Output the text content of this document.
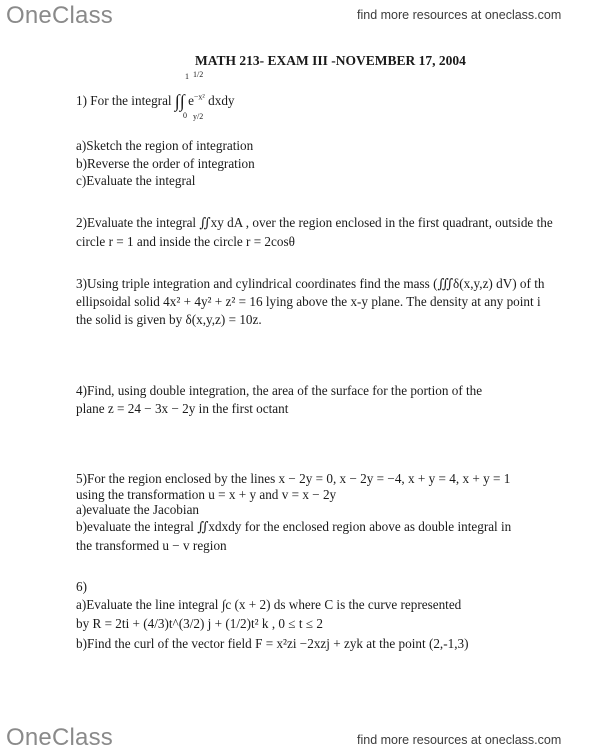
OneClass	find more resources at oneclass.com
MATH 213- EXAM III -NOVEMBER 17, 2004
1) For the integral ∫∫ $e^{-x^2}$ dxdy
1
0
1/2
y/2
a)Sketch the region of integration
b)Reverse the order of integration
c)Evaluate the integral
2)Evaluate the integral ∬xy dA , over the region enclosed in the first quadrant, outside the
circle r = 1 and inside the circle r = 2cosθ
3)Using triple integration and cylindrical coordinates find the mass (∭δ(x,y,z) dV) of th
ellipsoidal solid 4x² + 4y² + z² = 16 lying above the x-y plane. The density at any point i
the solid is given by δ(x,y,z) = 10z.
4)Find, using double integration, the area of the surface for the portion of the
plane z = 24 − 3x − 2y in the first octant
5)For the region enclosed by the lines x − 2y = 0, x − 2y = −4, x + y = 4, x + y = 1
using the transformation u = x + y and v = x − 2y
a)evaluate the Jacobian
b)evaluate the integral ∬xdxdy for the enclosed region above as double integral in
the transformed u − v region
6)
a)Evaluate the line integral ∫c (x + 2) ds where C is the curve represented
by R = 2ti + (4/3)t^(3/2) j + (1/2)t² k , 0 ≤ t ≤ 2
b)Find the curl of the vector field F = x²zi −2xzj + zyk at the point (2,-1,3)
OneClass	find more resources at oneclass.com
